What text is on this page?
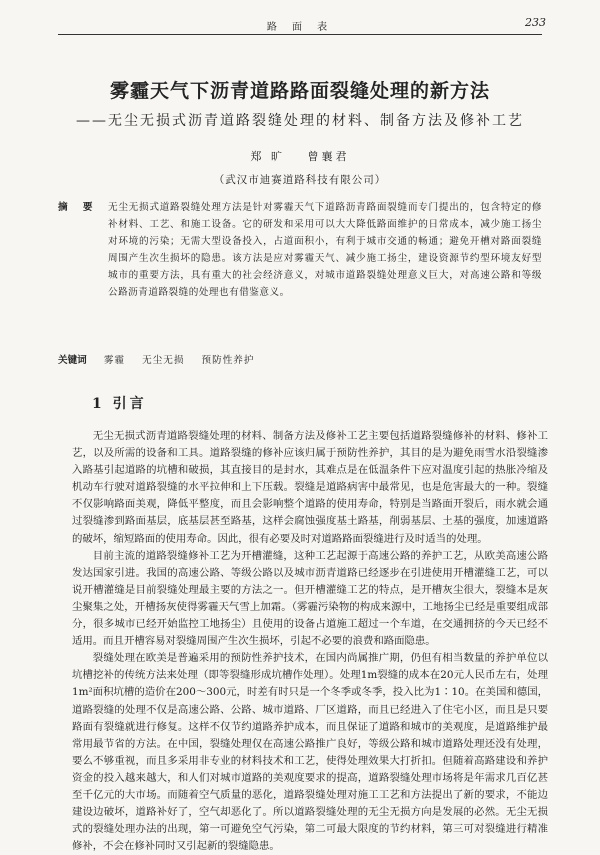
路 面 表	233
雾霾天气下沥青道路路面裂缝处理的新方法
——无尘无损式沥青道路裂缝处理的材料、制备方法及修补工艺
郑 旷 曾襄君
（武汉市迪赛道路科技有限公司）
摘 要 无尘无损式道路裂缝处理方法是针对雾霾天气下道路沥青路面裂缝而专门提出的，包含特定的修补材料、工艺、和施工设备。它的研发和采用可以大大降低路面维护的日常成本，减少施工扬尘对环境的污染；无需大型设备投入，占道面积小，有利于城市交通的畅通；避免开槽对路面裂缝周围产生次生损坏的隐患。该方法是应对雾霾天气、减少施工扬尘，建设资源节约型环境友好型城市的重要方法，具有重大的社会经济意义，对城市道路裂缝处理意义巨大，对高速公路和等级公路沥青道路裂缝的处理也有借鉴意义。
关键词 雾霾 无尘无损 预防性养护
1 引言

无尘无损式沥青道路裂缝处理的材料、制备方法及修补工艺主要包括道路裂缝修补的材料、修补工艺，以及所需的设备和工具。道路裂缝的修补应该归属于预防性养护，其目的是为避免雨雪水沿裂缝渗入路基引起道路的坑槽和破损，其直接目的是封水，其难点是在低温条件下应对温度引起的热胀冷缩及机动车行驶对道路裂缝的水平拉伸和上下压载。裂缝是道路病害中最常见，也是危害最大的一种。裂缝不仅影响路面美观，降低平整度，而且会影响整个道路的使用寿命，特别是当路面开裂后，雨水就会通过裂缝渗到路面基层，底基层甚至路基，这样会腐蚀强度基土路基，削弱基层、土基的强度，加速道路的破坏，缩短路面的使用寿命。因此，很有必要及时对道路路面裂缝进行及时适当的处理。

目前主流的道路裂缝修补工艺为开槽灌缝，这种工艺起源于高速公路的养护工艺，从欧美高速公路发达国家引进。我国的高速公路、等级公路以及城市沥青道路已经逐步在引进使用开槽灌缝工艺，可以说开槽灌缝是目前裂缝处理最主要的方法之一。但开槽灌缝工艺的特点，是开槽灰尘很大，裂缝本是灰尘聚集之处，开槽扬灰使得雾霾天气雪上加霜。（雾霾污染物的构成来源中，工地扬尘已经是重要组成部分，很多城市已经开始监控工地扬尘）且使用的设备占道施工超过一个车道，在交通拥挤的今天已经不适用。而且开槽容易对裂缝周围产生次生损坏，引起不必要的浪费和路面隐患。

裂缝处理在欧美是普遍采用的预防性养护技术，在国内尚属推广期，仍但有相当数量的养护单位以坑槽挖补的传统方法来处理（即等裂缝形成坑槽作处理）。处理1m裂缝的成本在20元人民币左右，处理1m²面积坑槽的造价在200～300元，时差有时只是一个冬季或冬季，投入比为1∶10。在美国和德国，道路裂缝的处理不仅是高速公路、公路、城市道路、厂区道路，而且已经进入了住宅小区，而且是只要路面有裂缝就进行修复。这样不仅节约道路养护成本，而且保证了道路和城市的美观度，是道路维护最常用最节省的方法。在中国，裂缝处理仅在高速公路推广良好，等级公路和城市道路处理还没有处理，要么不够重视，而且多采用非专业的材料技术和工艺，使得处理效果大打折扣。但随着高路建设和养护资金的投入越来越大，和人们对城市道路的美观度要求的提高，道路裂缝处理市场将是年需求几百亿甚至千亿元的大市场。而随着空气质量的恶化，道路裂缝处理对施工工艺和方法提出了新的要求，不能边建设边破坏，道路补好了，空气却恶化了。所以道路裂缝处理的无尘无损方向是发展的必然。无尘无损式的裂缝处理办法的出现，第一可避免空气污染，第二可最大限度的节约材料，第三可对裂缝进行精准修补，不会在修补同时又引起新的裂缝隐患。
